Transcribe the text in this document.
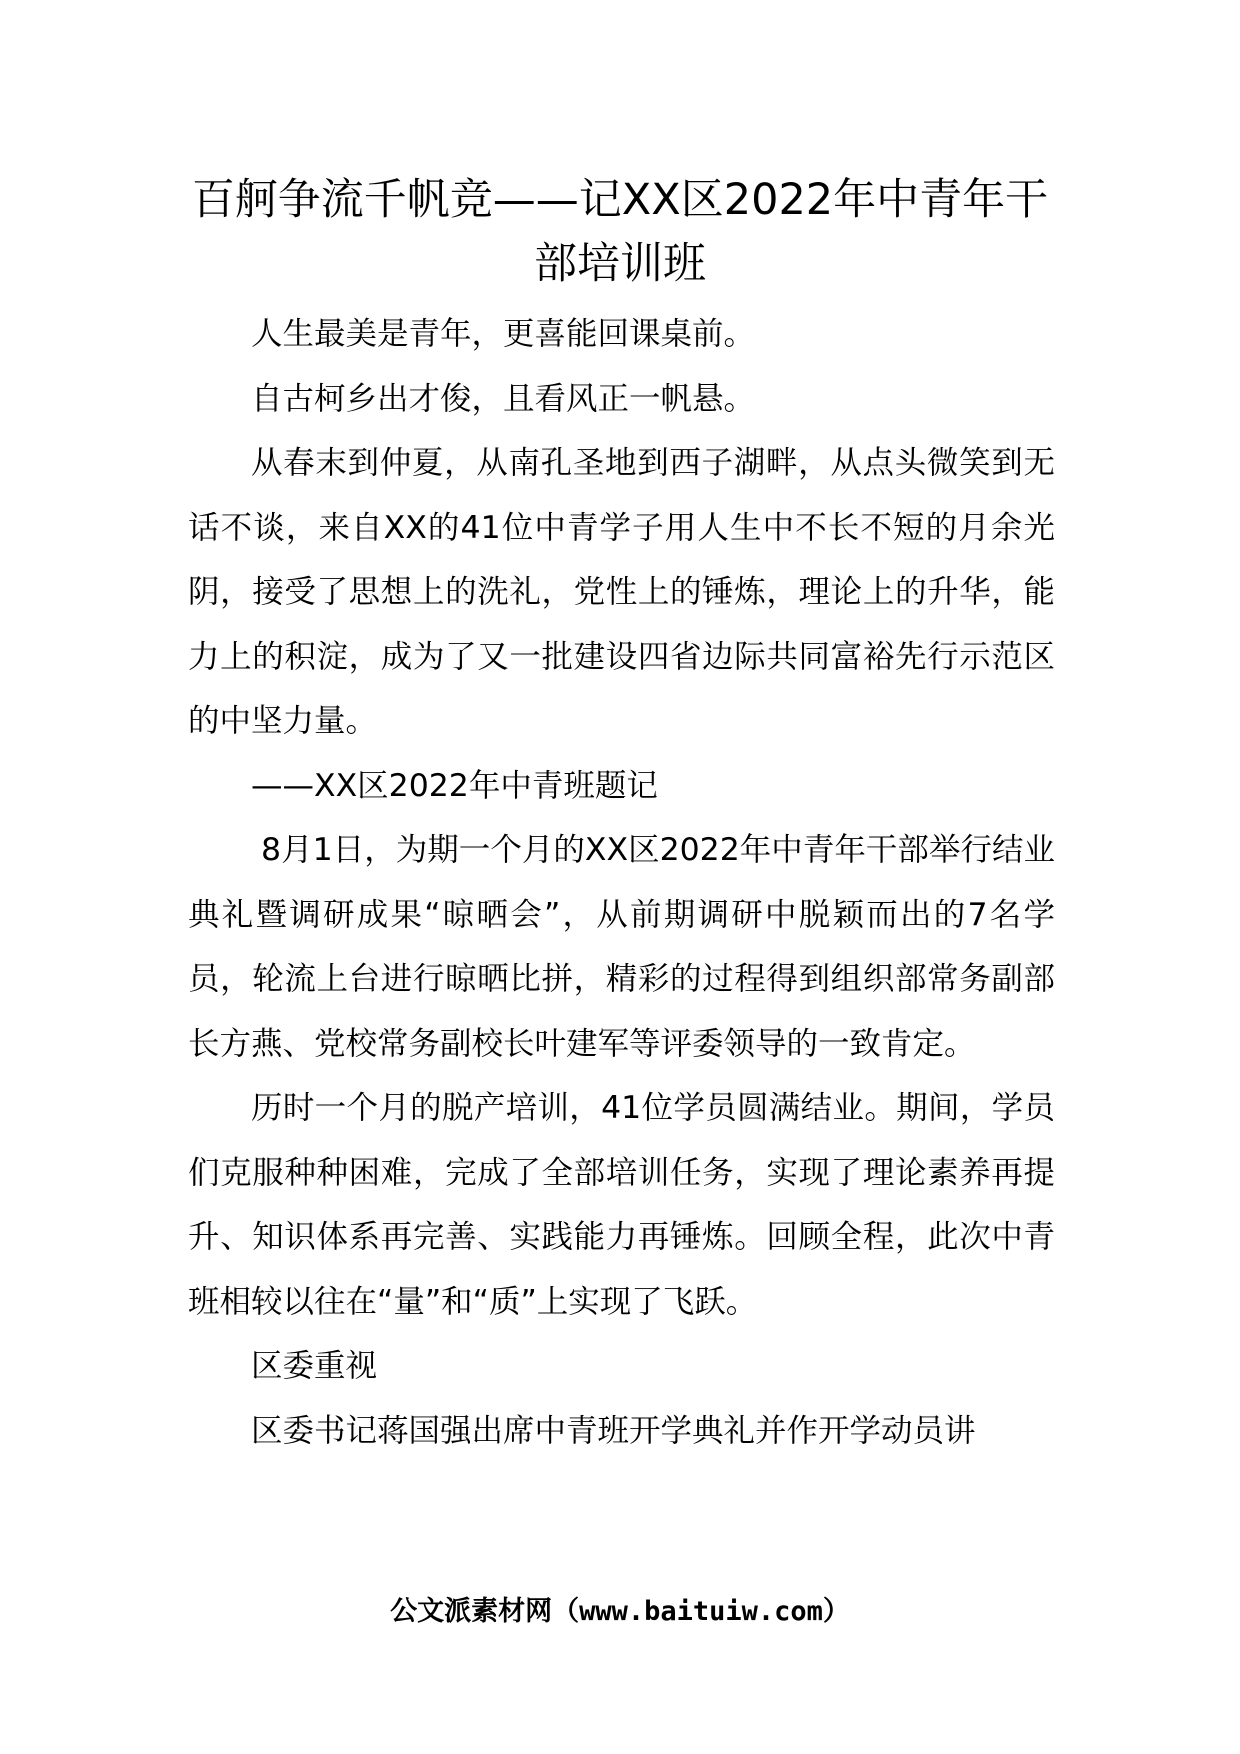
百舸争流千帆竞——记XX区2022年中青年干部培训班

人生最美是青年，更喜能回课桌前。

自古柯乡出才俊，且看风正一帆悬。

从春末到仲夏，从南孔圣地到西子湖畔，从点头微笑到无话不谈，来自XX的41位中青学子用人生中不长不短的月余光阴，接受了思想上的洗礼，党性上的锤炼，理论上的升华，能力上的积淀，成为了又一批建设四省边际共同富裕先行示范区的中坚力量。

——XX区2022年中青班题记

8月1日，为期一个月的XX区2022年中青年干部举行结业典礼暨调研成果“晾晒会”，从前期调研中脱颖而出的7名学员，轮流上台进行晾晒比拼，精彩的过程得到组织部常务副部长方燕、党校常务副校长叶建军等评委领导的一致肯定。

历时一个月的脱产培训，41位学员圆满结业。期间，学员们克服种种困难，完成了全部培训任务，实现了理论素养再提升、知识体系再完善、实践能力再锤炼。回顾全程，此次中青班相较以往在“量”和“质”上实现了飞跃。

区委重视

区委书记蒋国强出席中青班开学典礼并作开学动员讲

公文派素材网（www.baituiw.com）
